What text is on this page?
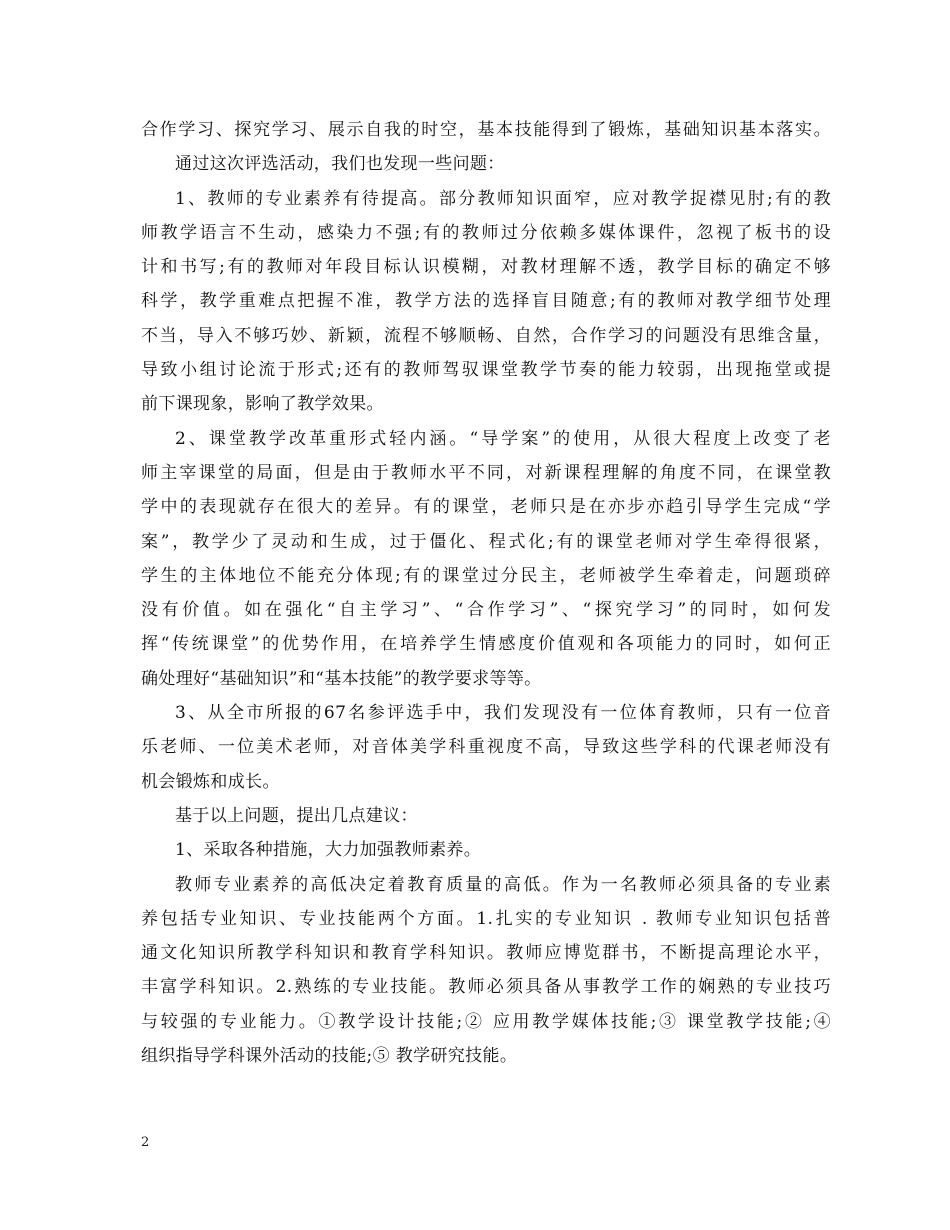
合作学习、探究学习、展示自我的时空，基本技能得到了锻炼，基础知识基本落实。
通过这次评选活动，我们也发现一些问题：
1、教师的专业素养有待提高。部分教师知识面窄，应对教学捉襟见肘;有的教
师教学语言不生动，感染力不强;有的教师过分依赖多媒体课件，忽视了板书的设
计和书写;有的教师对年段目标认识模糊，对教材理解不透，教学目标的确定不够
科学，教学重难点把握不准，教学方法的选择盲目随意;有的教师对教学细节处理
不当，导入不够巧妙、新颖，流程不够顺畅、自然，合作学习的问题没有思维含量，
导致小组讨论流于形式;还有的教师驾驭课堂教学节奏的能力较弱，出现拖堂或提
前下课现象，影响了教学效果。
2、课堂教学改革重形式轻内涵。“导学案”的使用，从很大程度上改变了老
师主宰课堂的局面，但是由于教师水平不同，对新课程理解的角度不同，在课堂教
学中的表现就存在很大的差异。有的课堂，老师只是在亦步亦趋引导学生完成“学
案”，教学少了灵动和生成，过于僵化、程式化;有的课堂老师对学生牵得很紧，
学生的主体地位不能充分体现;有的课堂过分民主，老师被学生牵着走，问题琐碎
没有价值。如在强化“自主学习”、“合作学习”、“探究学习”的同时，如何发
挥“传统课堂”的优势作用，在培养学生情感度价值观和各项能力的同时，如何正
确处理好“基础知识”和“基本技能”的教学要求等等。
3、从全市所报的67名参评选手中，我们发现没有一位体育教师，只有一位音
乐老师、一位美术老师，对音体美学科重视度不高，导致这些学科的代课老师没有
机会锻炼和成长。
基于以上问题，提出几点建议：
1、采取各种措施，大力加强教师素养。
教师专业素养的高低决定着教育质量的高低。作为一名教师必须具备的专业素
养包括专业知识、专业技能两个方面。1.扎实的专业知识 . 教师专业知识包括普
通文化知识所教学科知识和教育学科知识。教师应博览群书，不断提高理论水平，
丰富学科知识。2.熟练的专业技能。教师必须具备从事教学工作的娴熟的专业技巧
与较强的专业能力。①教学设计技能;② 应用教学媒体技能;③ 课堂教学技能;④
组织指导学科课外活动的技能;⑤ 教学研究技能。
2
